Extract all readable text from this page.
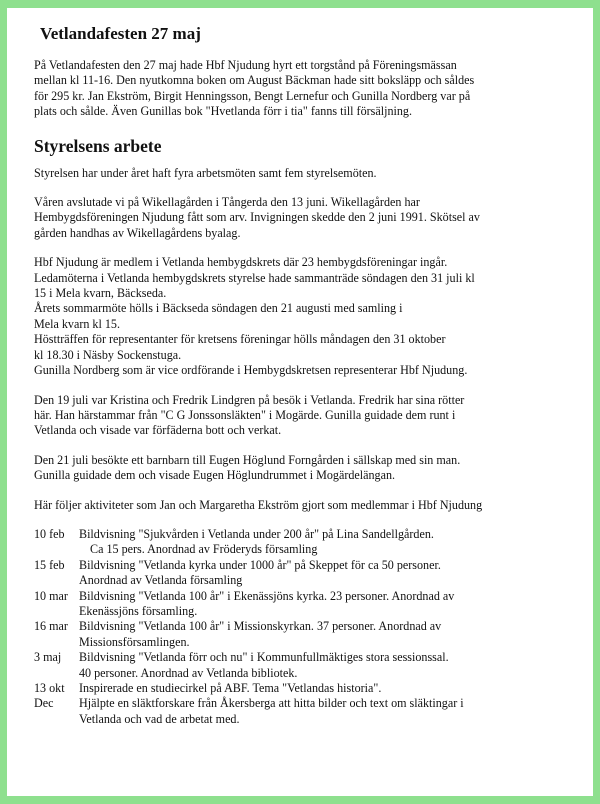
Vetlandafesten 27 maj

På Vetlandafesten den 27 maj hade Hbf Njudung hyrt ett torgstånd på Föreningsmässan
mellan kl 11-16. Den nyutkomna boken om August Bäckman hade sitt boksläpp och såldes
för 295 kr. Jan Ekström, Birgit Henningsson, Bengt Lernefur och Gunilla Nordberg var på
plats och sålde. Även Gunillas bok "Hvetlanda förr i tia" fanns till försäljning.

Styrelsens arbete

Styrelsen har under året haft fyra arbetsmöten samt fem styrelsemöten.

Våren avslutade vi på Wikellagården i Tångerda den 13 juni. Wikellagården har
Hembygdsföreningen Njudung fått som arv. Invigningen skedde den 2 juni 1991. Skötsel av
gården handhas av Wikellagårdens byalag.

Hbf Njudung är medlem i Vetlanda hembygdskrets där 23 hembygdsföreningar ingår.
Ledamöterna i Vetlanda hembygdskrets styrelse hade sammanträde söndagen den 31 juli kl
15 i Mela kvarn, Bäckseda.
Årets sommarmöte hölls i Bäckseda söndagen den 21 augusti med samling i
Mela kvarn kl 15.
Höstträffen för representanter för kretsens föreningar hölls måndagen den 31 oktober
kl 18.30 i Näsby Sockenstuga.
Gunilla Nordberg som är vice ordförande i Hembygdskretsen representerar Hbf Njudung.

Den 19 juli var Kristina och Fredrik Lindgren på besök i Vetlanda. Fredrik har sina rötter
här. Han härstammar från "C G Jonssonsläkten" i Mogärde. Gunilla guidade dem runt i
Vetlanda och visade var förfäderna bott och verkat.

Den 21 juli besökte ett barnbarn till Eugen Höglund Forngården i sällskap med sin man.
Gunilla guidade dem och visade Eugen Höglundrummet i Mogärdelängan.

Här följer aktiviteter som Jan och Margaretha Ekström gjort som medlemmar i Hbf Njudung

10 feb	Bildvisning "Sjukvården i Vetlanda under 200 år" på Lina Sandellgården.
Ca 15 pers. Anordnad av Fröderyds församling
15 feb	Bildvisning "Vetlanda kyrka under 1000 år" på Skeppet för ca 50 personer.
Anordnad av Vetlanda församling
10 mar Bildvisning "Vetlanda 100 år" i Ekenässjöns kyrka. 23 personer. Anordnad av
Ekenässjöns församling.
16 mar Bildvisning "Vetlanda 100 år" i Missionskyrkan. 37 personer. Anordnad av
Missionsförsamlingen.
3 maj	Bildvisning "Vetlanda förr och nu" i Kommunfullmäktiges stora sessionssal.
40 personer. Anordnad av Vetlanda bibliotek.
13 okt	Inspirerade en studiecirkel på ABF. Tema "Vetlandas historia".
Dec	Hjälpte en släktforskare från Åkersberga att hitta bilder och text om släktingar i
Vetlanda och vad de arbetat med.
